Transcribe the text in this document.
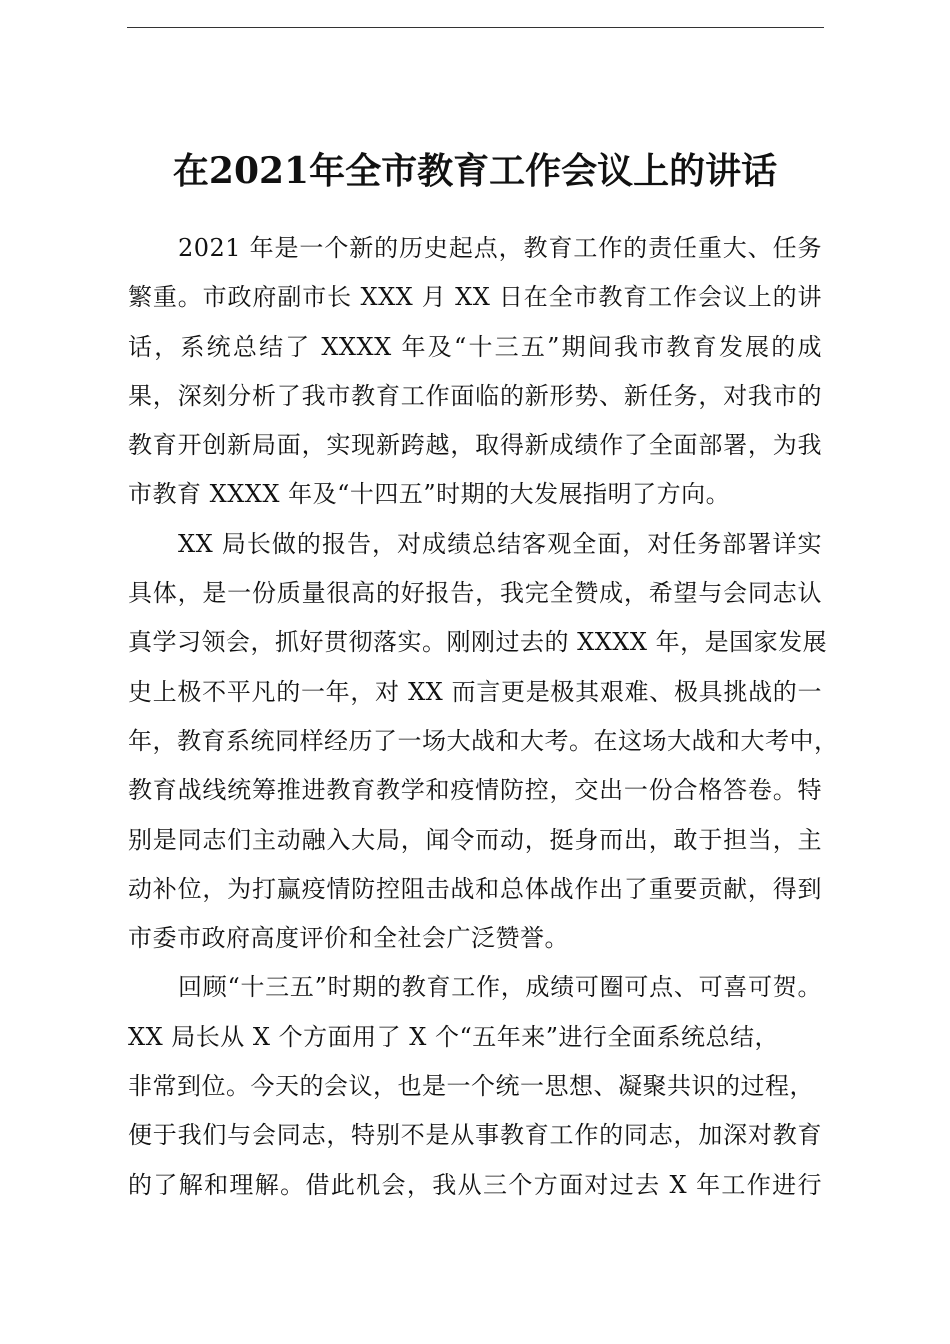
在2021年全市教育工作会议上的讲话

2021 年是一个新的历史起点，教育工作的责任重大、任务
繁重。市政府副市长 XXX 月 XX 日在全市教育工作会议上的讲
话，系统总结了 XXXX 年及“十三五”期间我市教育发展的成
果，深刻分析了我市教育工作面临的新形势、新任务，对我市的
教育开创新局面，实现新跨越，取得新成绩作了全面部署，为我
市教育 XXXX 年及“十四五”时期的大发展指明了方向。

XX 局长做的报告，对成绩总结客观全面，对任务部署详实
具体，是一份质量很高的好报告，我完全赞成，希望与会同志认
真学习领会，抓好贯彻落实。刚刚过去的 XXXX 年，是国家发展
史上极不平凡的一年，对 XX 而言更是极其艰难、极具挑战的一
年，教育系统同样经历了一场大战和大考。在这场大战和大考中，
教育战线统筹推进教育教学和疫情防控，交出一份合格答卷。特
别是同志们主动融入大局，闻令而动，挺身而出，敢于担当，主
动补位，为打赢疫情防控阻击战和总体战作出了重要贡献，得到
市委市政府高度评价和全社会广泛赞誉。

回顾“十三五”时期的教育工作，成绩可圈可点、可喜可贺。
XX 局长从 X 个方面用了 X 个“五年来”进行全面系统总结，
非常到位。今天的会议，也是一个统一思想、凝聚共识的过程，
便于我们与会同志，特别不是从事教育工作的同志，加深对教育
的了解和理解。借此机会，我从三个方面对过去 X 年工作进行
